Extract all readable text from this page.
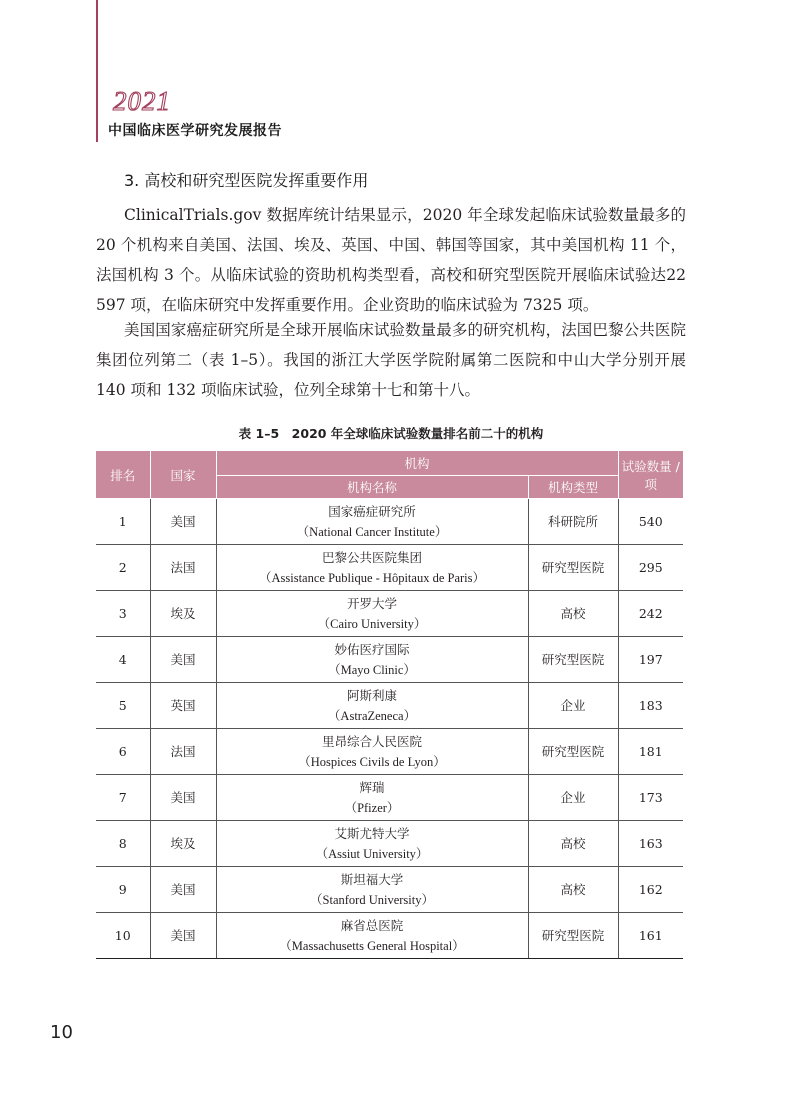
2021
中国临床医学研究发展报告
3. 高校和研究型医院发挥重要作用

ClinicalTrials.gov 数据库统计结果显示，2020 年全球发起临床试验数量最多的20 个机构来自美国、法国、埃及、英国、中国、韩国等国家，其中美国机构 11 个，法国机构 3 个。从临床试验的资助机构类型看，高校和研究型医院开展临床试验达22 597 项，在临床研究中发挥重要作用。企业资助的临床试验为 7325 项。

美国国家癌症研究所是全球开展临床试验数量最多的研究机构，法国巴黎公共医院集团位列第二（表 1–5）。我国的浙江大学医学院附属第二医院和中山大学分别开展 140 项和 132 项临床试验，位列全球第十七和第十八。

表 1–5　2020 年全球临床试验数量排名前二十的机构
排名	国家	机构		试验数量 / 项
		机构名称	机构类型	
1	美国	国家癌症研究所
（National Cancer Institute）	科研院所	540
2	法国	巴黎公共医院集团
（Assistance Publique - Hôpitaux de Paris）	研究型医院	295
3	埃及	开罗大学
（Cairo University）	高校	242
4	美国	妙佑医疗国际
（Mayo Clinic）	研究型医院	197
5	英国	阿斯利康
（AstraZeneca）	企业	183
6	法国	里昂综合人民医院
（Hospices Civils de Lyon）	研究型医院	181
7	美国	辉瑞
（Pfizer）	企业	173
8	埃及	艾斯尤特大学
（Assiut University）	高校	163
9	美国	斯坦福大学
（Stanford University）	高校	162
10	美国	麻省总医院
（Massachusetts General Hospital）	研究型医院	161
10
